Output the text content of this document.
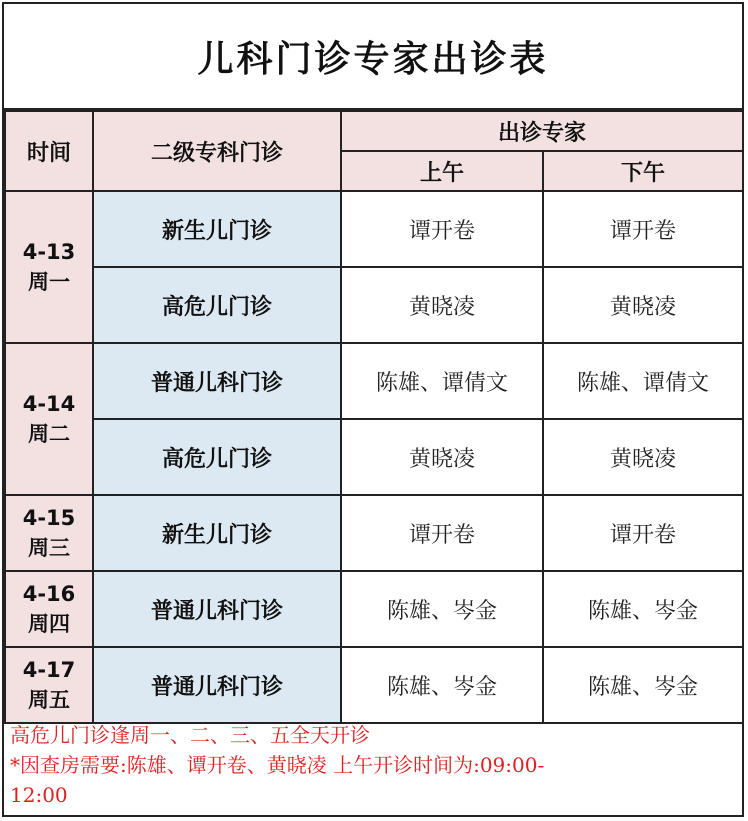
儿科门诊专家出诊表
时间	二级专科门诊	出诊专家	
		上午	下午

4-13
周一	新生儿门诊	谭开卷	谭开卷
	高危儿门诊	黄晓凌	黄晓凌

4-14
周二	普通儿科门诊	陈雄、谭倩文	陈雄、谭倩文
	高危儿门诊	黄晓凌	黄晓凌

4-15
周三	新生儿门诊	谭开卷	谭开卷

4-16
周四	普通儿科门诊	陈雄、岑金	陈雄、岑金

4-17
周五	普通儿科门诊	陈雄、岑金	陈雄、岑金
高危儿门诊逢周一、二、三、五全天开诊
*因查房需要:陈雄、谭开卷、黄晓凌 上午开诊时间为:09:00-
12:00
